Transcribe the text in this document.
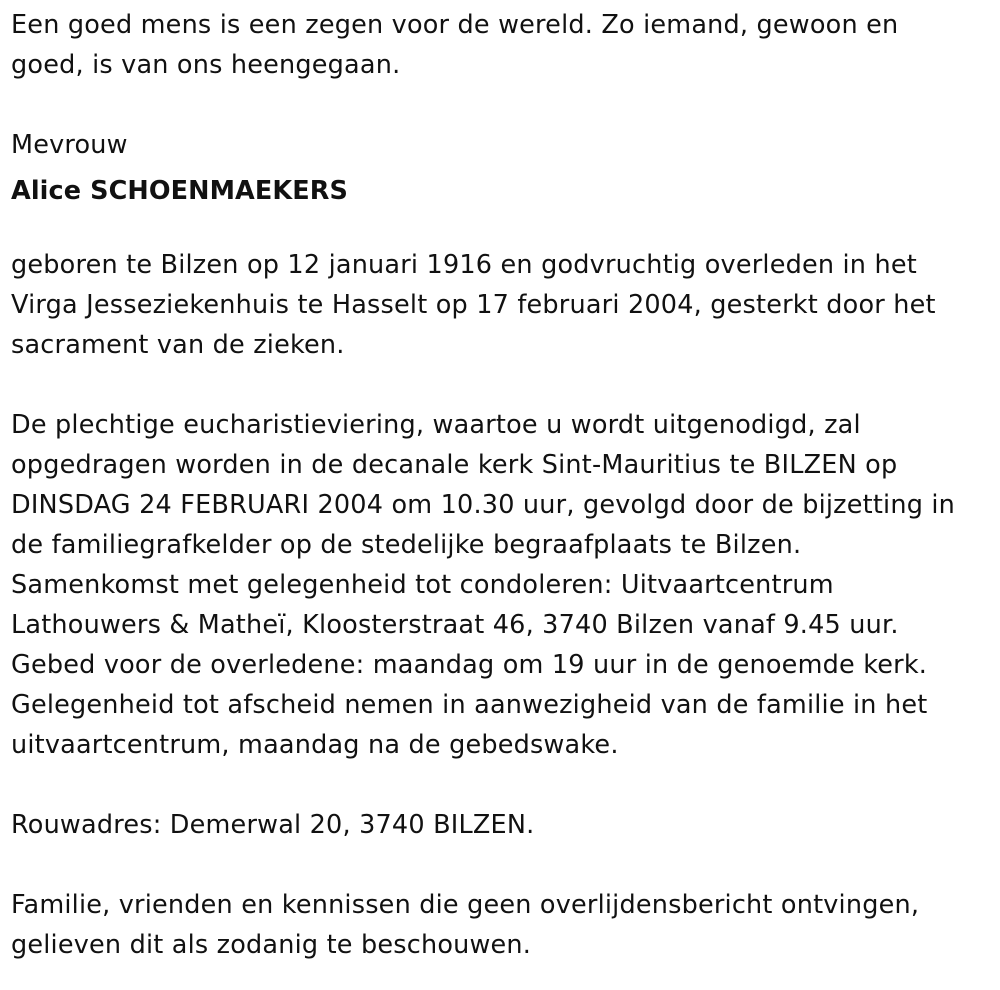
Een goed mens is een zegen voor de wereld. Zo iemand, gewoon en
goed, is van ons heengegaan.
Mevrouw
Alice SCHOENMAEKERS
geboren te Bilzen op 12 januari 1916 en godvruchtig overleden in het
Virga Jesseziekenhuis te Hasselt op 17 februari 2004, gesterkt door het
sacrament van de zieken.
De plechtige eucharistieviering, waartoe u wordt uitgenodigd, zal
opgedragen worden in de decanale kerk Sint-Mauritius te BILZEN op
DINSDAG 24 FEBRUARI 2004 om 10.30 uur, gevolgd door de bijzetting in
de familiegrafkelder op de stedelijke begraafplaats te Bilzen.
Samenkomst met gelegenheid tot condoleren: Uitvaartcentrum
Lathouwers & Matheï, Kloosterstraat 46, 3740 Bilzen vanaf 9.45 uur.
Gebed voor de overledene: maandag om 19 uur in de genoemde kerk.
Gelegenheid tot afscheid nemen in aanwezigheid van de familie in het
uitvaartcentrum, maandag na de gebedswake.
Rouwadres: Demerwal 20, 3740 BILZEN.
Familie, vrienden en kennissen die geen overlijdensbericht ontvingen,
gelieven dit als zodanig te beschouwen.
